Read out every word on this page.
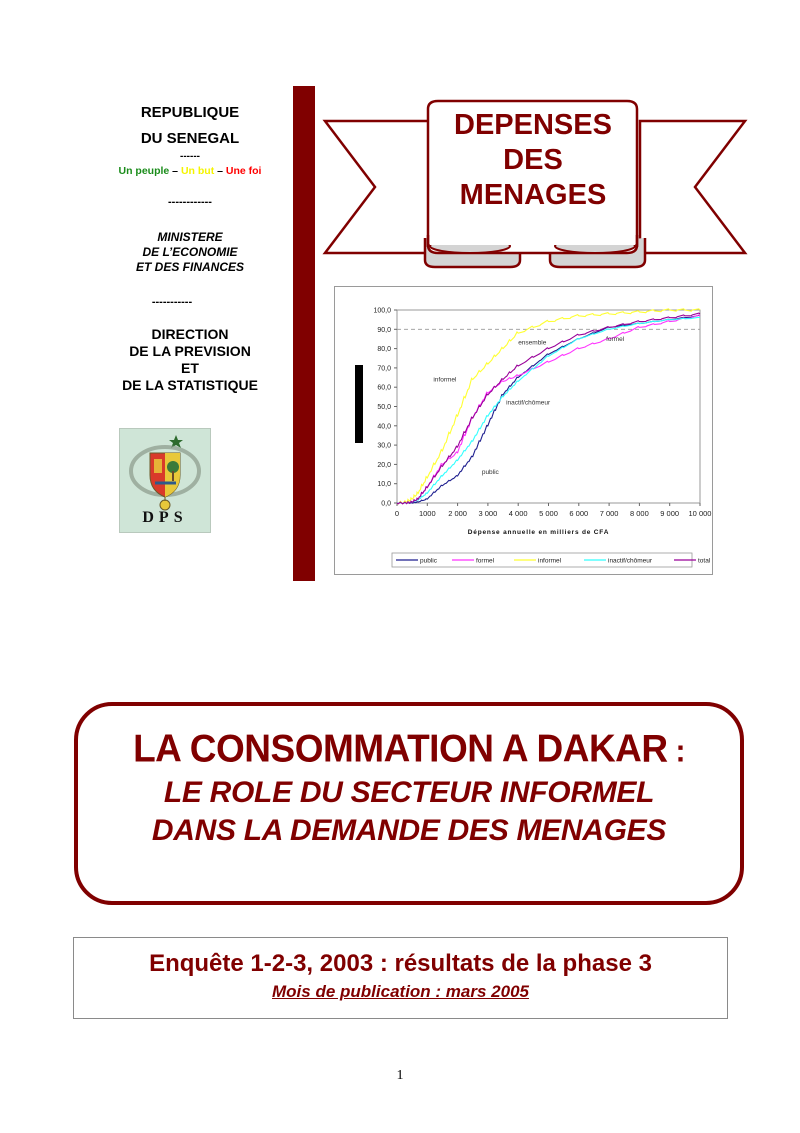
REPUBLIQUE
DU SENEGAL
------
Un peuple – Un but – Une foi
------------
MINISTERE
DE L’ECONOMIE
ET DES FINANCES
-----------
DIRECTION
DE LA PREVISION
ET
DE LA STATISTIQUE
DPS
DEPENSES
DES
MENAGES
0,0
10,0
20,0
30,0
40,0
50,0
60,0
70,0
80,0
90,0
100,0
0	1000 2 000 3 000 4 000 5 000 6 000 7 000 8 000 9 000 10 000
informel
ensemble
formel
inactif/chômeur
public
Dépense annuelle en milliers de CFA
public	formel	informel	inactif/chômeur	total
LA CONSOMMATION A DAKAR :
LE ROLE DU SECTEUR INFORMEL
DANS LA DEMANDE DES MENAGES
Enquête 1-2-3, 2003 : résultats de la phase 3
Mois de publication : mars 2005
1
